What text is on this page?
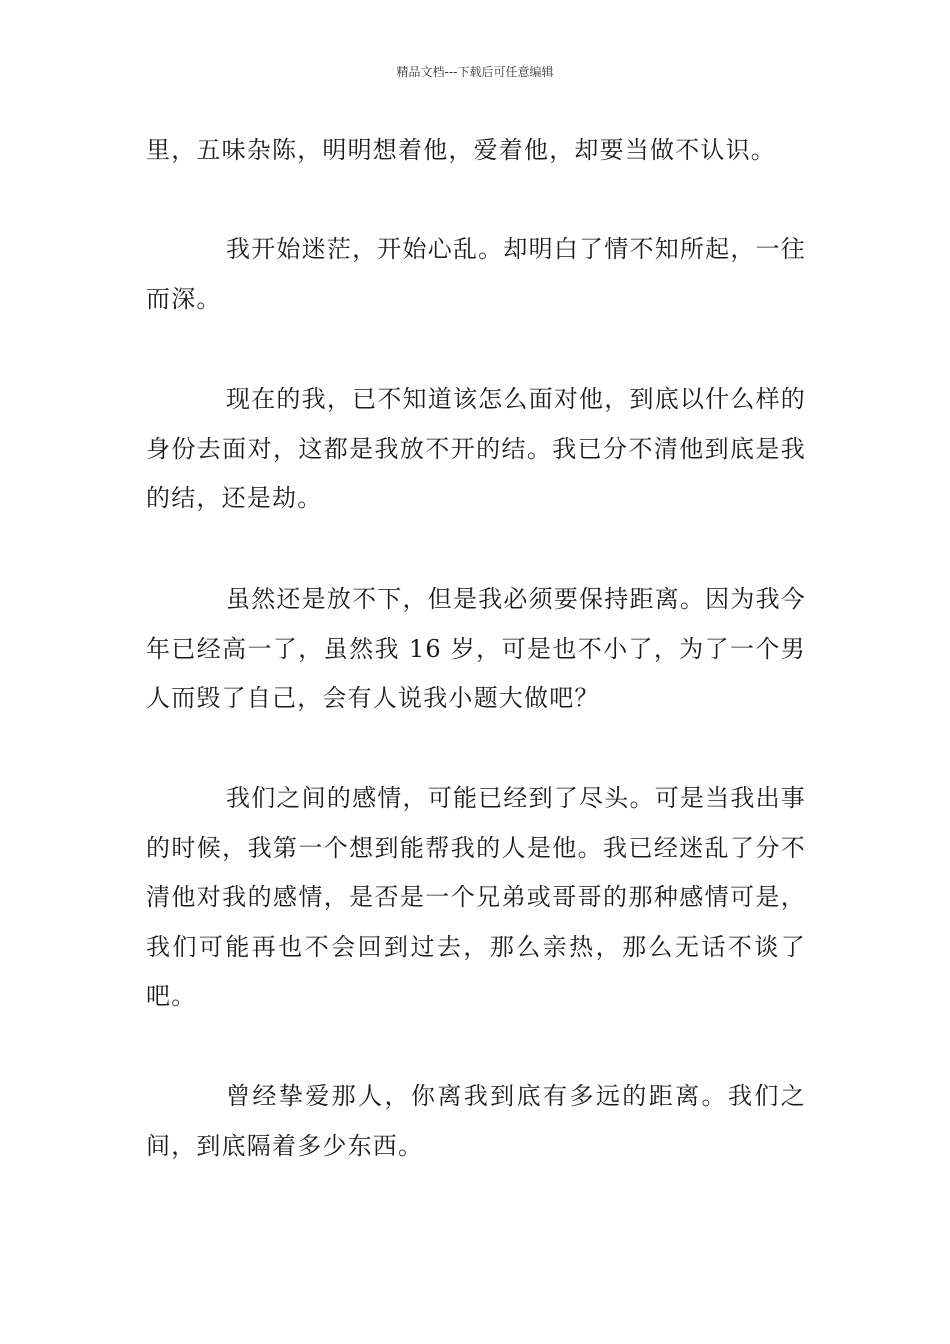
精品文档---下载后可任意编辑

里，五味杂陈，明明想着他，爱着他，却要当做不认识。

我开始迷茫，开始心乱。却明白了情不知所起，一往而深。

现在的我，已不知道该怎么面对他，到底以什么样的身份去面对，这都是我放不开的结。我已分不清他到底是我的结，还是劫。

虽然还是放不下，但是我必须要保持距离。因为我今年已经高一了，虽然我 16 岁，可是也不小了，为了一个男人而毁了自己，会有人说我小题大做吧？

我们之间的感情，可能已经到了尽头。可是当我出事的时候，我第一个想到能帮我的人是他。我已经迷乱了分不清他对我的感情，是否是一个兄弟或哥哥的那种感情可是，我们可能再也不会回到过去，那么亲热，那么无话不谈了吧。

曾经挚爱那人，你离我到底有多远的距离。我们之间，到底隔着多少东西。
